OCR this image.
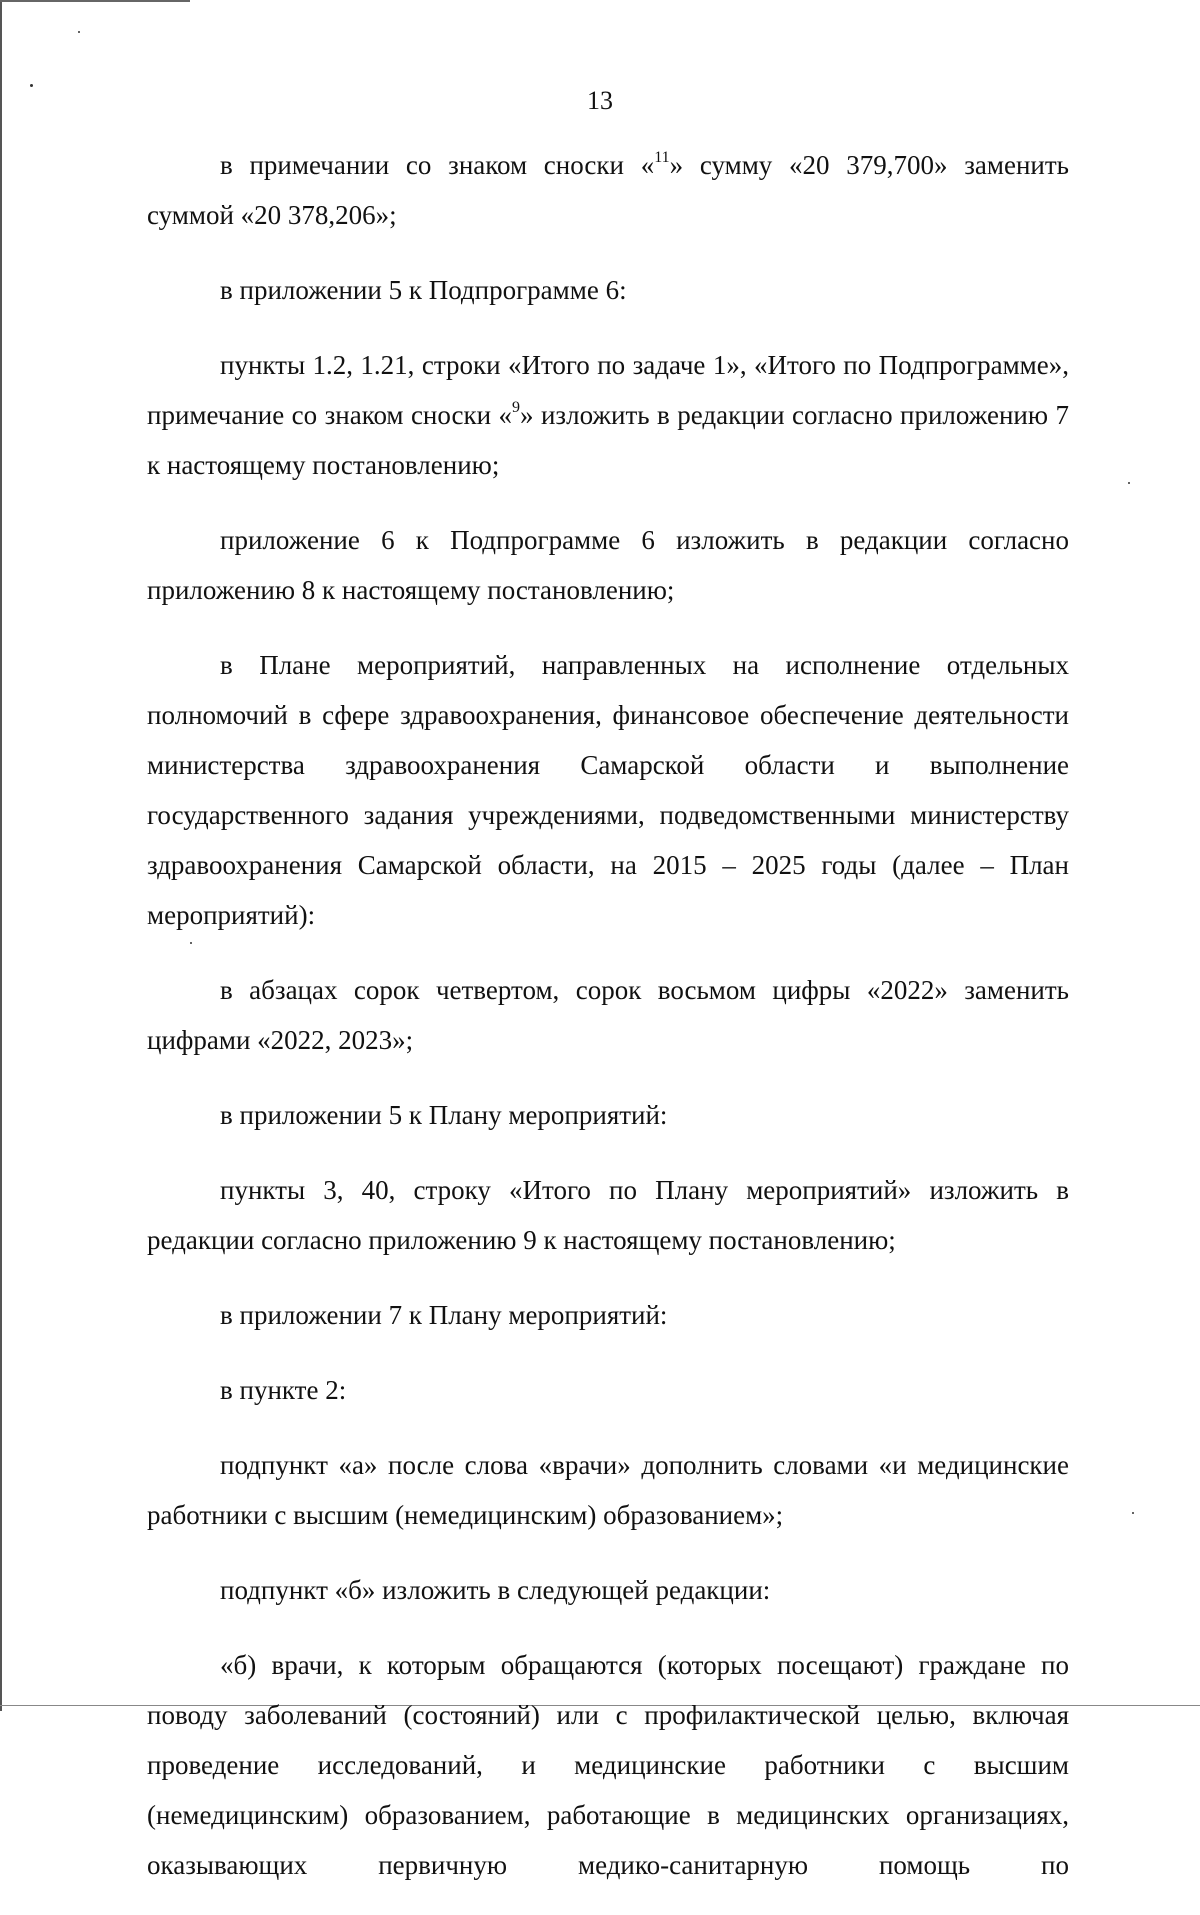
13

в примечании со знаком сноски «$^{11}$» сумму «20 379,700» заменить суммой «20 378,206»;

в приложении 5 к Подпрограмме 6:

пункты 1.2, 1.21, строки «Итого по задаче 1», «Итого по Подпрограмме», примечание со знаком сноски «$^9$» изложить в редакции согласно приложению 7 к настоящему постановлению;

приложение 6 к Подпрограмме 6 изложить в редакции согласно приложению 8 к настоящему постановлению;

в Плане мероприятий, направленных на исполнение отдельных полномочий в сфере здравоохранения, финансовое обеспечение деятельности министерства здравоохранения Самарской области и выполнение государственного задания учреждениями, подведомственными министерству здравоохранения Самарской области, на 2015 – 2025 годы (далее – План мероприятий):

в абзацах сорок четвертом, сорок восьмом цифры «2022» заменить цифрами «2022, 2023»;

в приложении 5 к Плану мероприятий:

пункты 3, 40, строку «Итого по Плану мероприятий» изложить в редакции согласно приложению 9 к настоящему постановлению;

в приложении 7 к Плану мероприятий:

в пункте 2:

подпункт «а» после слова «врачи» дополнить словами «и медицинские работники с высшим (немедицинским) образованием»;

подпункт «б» изложить в следующей редакции:

«б) врачи, к которым обращаются (которых посещают) граждане по поводу заболеваний (состояний) или с профилактической целью, включая проведение исследований, и медицинские работники с высшим (немедицинским) образованием, работающие в медицинских организациях, оказывающих первичную медико-санитарную помощь по
